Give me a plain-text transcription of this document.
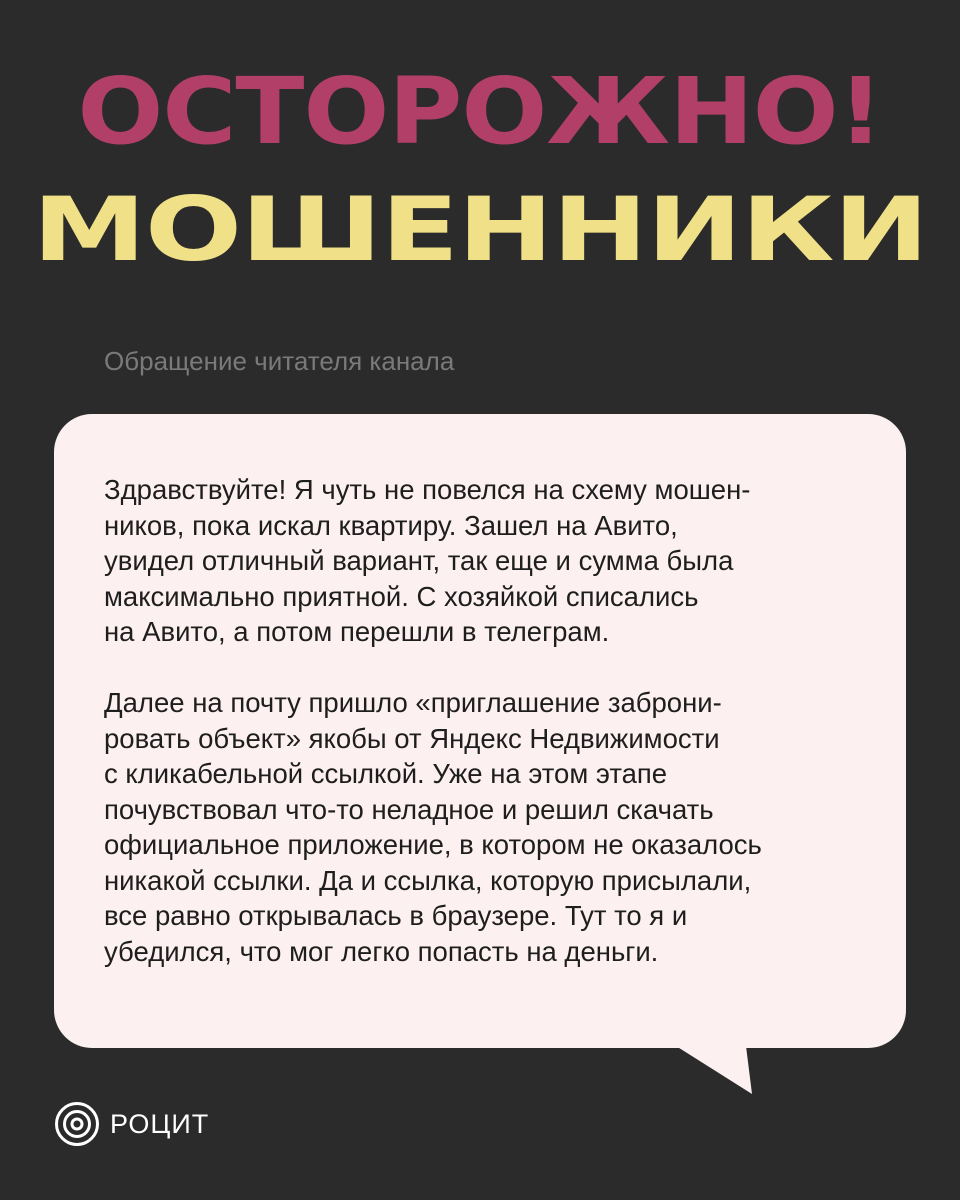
ОСТОРОЖНО!
МОШЕННИКИ

Обращение читателя канала

Здравствуйте! Я чуть не повелся на схему мошен-
ников, пока искал квартиру. Зашел на Авито,
увидел отличный вариант, так еще и сумма была
максимально приятной. С хозяйкой списались
на Авито, а потом перешли в телеграм.
Далее на почту пришло «приглашение заброни-
ровать объект» якобы от Яндекс Недвижимости
с кликабельной ссылкой. Уже на этом этапе
почувствовал что-то неладное и решил скачать
официальное приложение, в котором не оказалось
никакой ссылки. Да и ссылка, которую присылали,
все равно открывалась в браузере. Тут то я и
убедился, что мог легко попасть на деньги.
РОЦИТ
